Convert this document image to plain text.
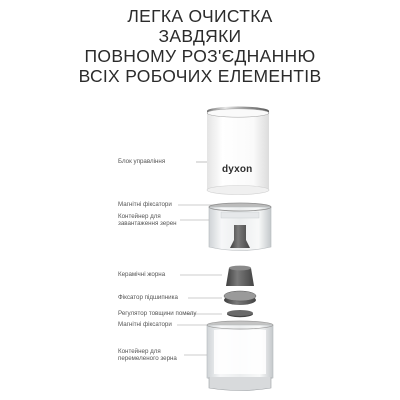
ЛЕГКА ОЧИСТКА
ЗАВДЯКИ
ПОВНОМУ РОЗ'ЄДНАННЮ
ВСІХ РОБОЧИХ ЕЛЕМЕНТІВ
dyxon
Блок управління
Магнітні фіксатори
Контейнер для
завантаження зерен
Керамічні жорна
Фіксатор підшипника
Регулятор товщини помелу
Магнітні фіксатори
Контейнер для
перемеленого зерна
